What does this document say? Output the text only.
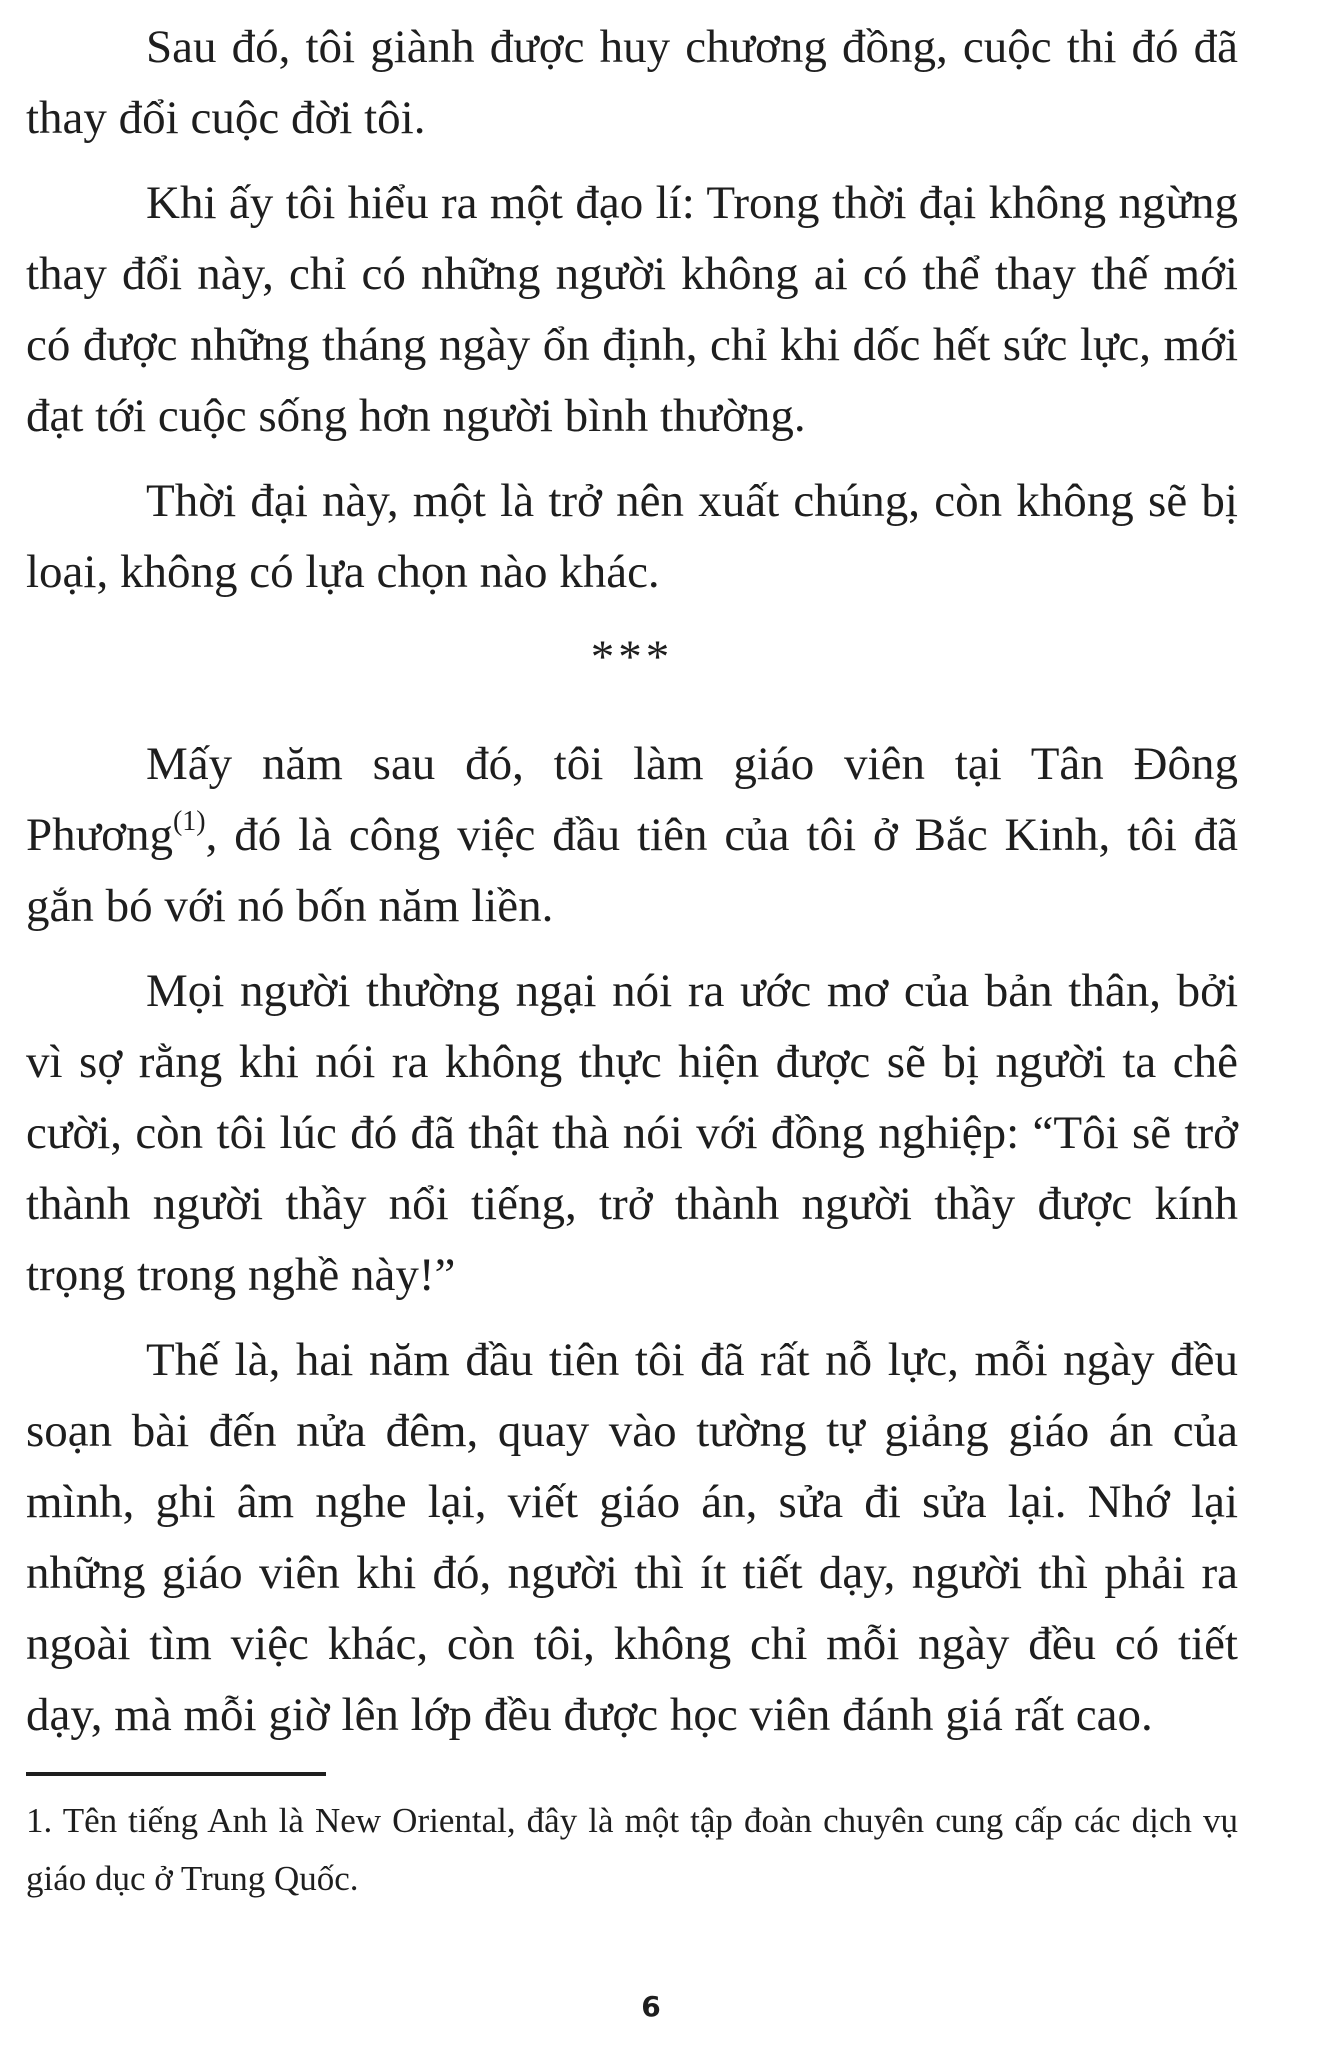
Sau đó, tôi giành được huy chương đồng, cuộc thi đó đã thay đổi cuộc đời tôi.

Khi ấy tôi hiểu ra một đạo lí: Trong thời đại không ngừng thay đổi này, chỉ có những người không ai có thể thay thế mới có được những tháng ngày ổn định, chỉ khi dốc hết sức lực, mới đạt tới cuộc sống hơn người bình thường.

Thời đại này, một là trở nên xuất chúng, còn không sẽ bị loại, không có lựa chọn nào khác.

***

Mấy năm sau đó, tôi làm giáo viên tại Tân Đông Phương$^{(1)}$, đó là công việc đầu tiên của tôi ở Bắc Kinh, tôi đã gắn bó với nó bốn năm liền.

Mọi người thường ngại nói ra ước mơ của bản thân, bởi vì sợ rằng khi nói ra không thực hiện được sẽ bị người ta chê cười, còn tôi lúc đó đã thật thà nói với đồng nghiệp: “Tôi sẽ trở thành người thầy nổi tiếng, trở thành người thầy được kính trọng trong nghề này!”

Thế là, hai năm đầu tiên tôi đã rất nỗ lực, mỗi ngày đều soạn bài đến nửa đêm, quay vào tường tự giảng giáo án của mình, ghi âm nghe lại, viết giáo án, sửa đi sửa lại. Nhớ lại những giáo viên khi đó, người thì ít tiết dạy, người thì phải ra ngoài tìm việc khác, còn tôi, không chỉ mỗi ngày đều có tiết dạy, mà mỗi giờ lên lớp đều được học viên đánh giá rất cao.

1. Tên tiếng Anh là New Oriental, đây là một tập đoàn chuyên cung cấp các dịch vụ giáo dục ở Trung Quốc.

6
